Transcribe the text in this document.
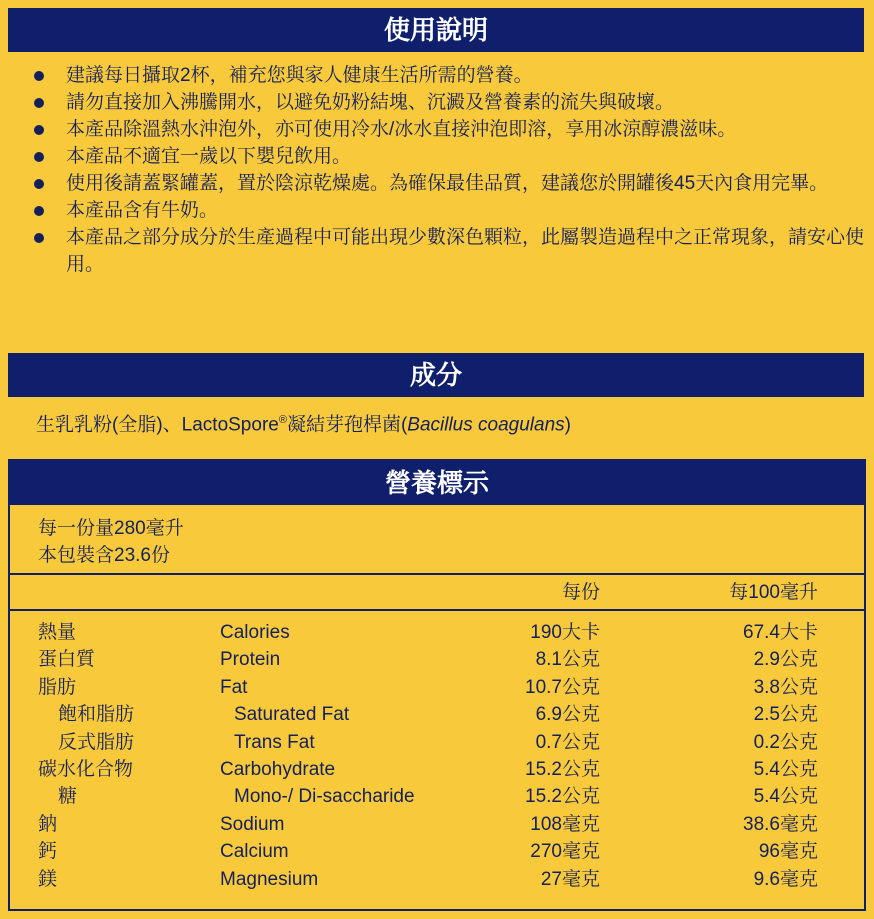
使用說明
建議每日攝取2杯，補充您與家人健康生活所需的營養。
請勿直接加入沸騰開水，以避免奶粉結塊、沉澱及營養素的流失與破壞。
本產品除溫熱水沖泡外，亦可使用冷水/冰水直接沖泡即溶，享用冰涼醇濃滋味。
本產品不適宜一歲以下嬰兒飲用。
使用後請蓋緊罐蓋，置於陰涼乾燥處。為確保最佳品質，建議您於開罐後45天內食用完畢。
本產品含有牛奶。
本產品之部分成分於生產過程中可能出現少數深色顆粒，此屬製造過程中之正常現象，請安心使用。
成分
生乳乳粉(全脂)、LactoSpore®凝結芽孢桿菌(Bacillus coagulans)
營養標示
每一份量280毫升
本包裝含23.6份
每份	每100毫升
熱量	Calories	190大卡	67.4大卡
蛋白質	Protein	8.1公克	2.9公克
脂肪	Fat	10.7公克	3.8公克
飽和脂肪	Saturated Fat	6.9公克	2.5公克
反式脂肪	Trans Fat	0.7公克	0.2公克
碳水化合物	Carbohydrate	15.2公克	5.4公克
糖	Mono-/ Di-saccharide	15.2公克	5.4公克
鈉	Sodium	108毫克	38.6毫克
鈣	Calcium	270毫克	96毫克
鎂	Magnesium	27毫克	9.6毫克
